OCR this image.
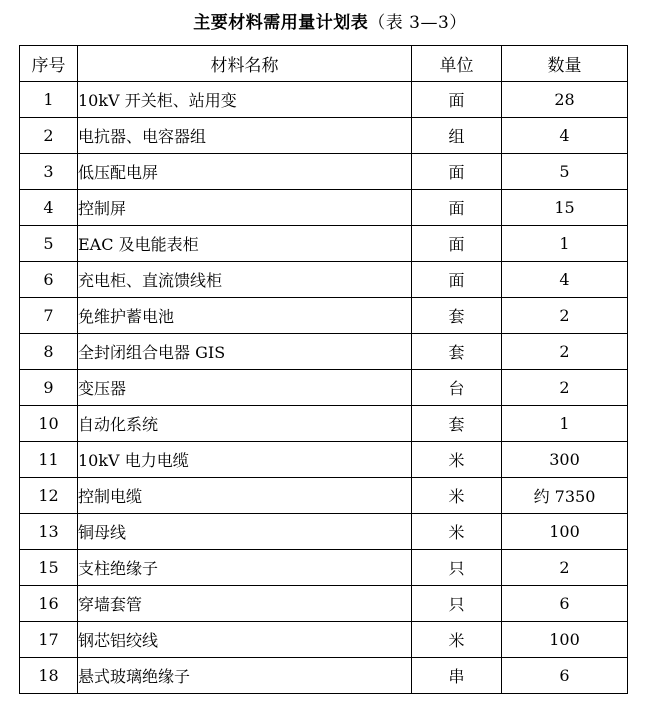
主要材料需用量计划表（表 3—3）
序号	材料名称	单位	数量
1	10kV 开关柜、站用变	面	28
2	电抗器、电容器组	组	4
3	低压配电屏	面	5
4	控制屏	面	15
5	EAC 及电能表柜	面	1
6	充电柜、直流馈线柜	面	4
7	免维护蓄电池	套	2
8	全封闭组合电器 GIS	套	2
9	变压器	台	2
10	自动化系统	套	1
11	10kV 电力电缆	米	300
12	控制电缆	米	约 7350
13	铜母线	米	100
15	支柱绝缘子	只	2
16	穿墙套管	只	6
17	钢芯铝绞线	米	100
18	悬式玻璃绝缘子	串	6
